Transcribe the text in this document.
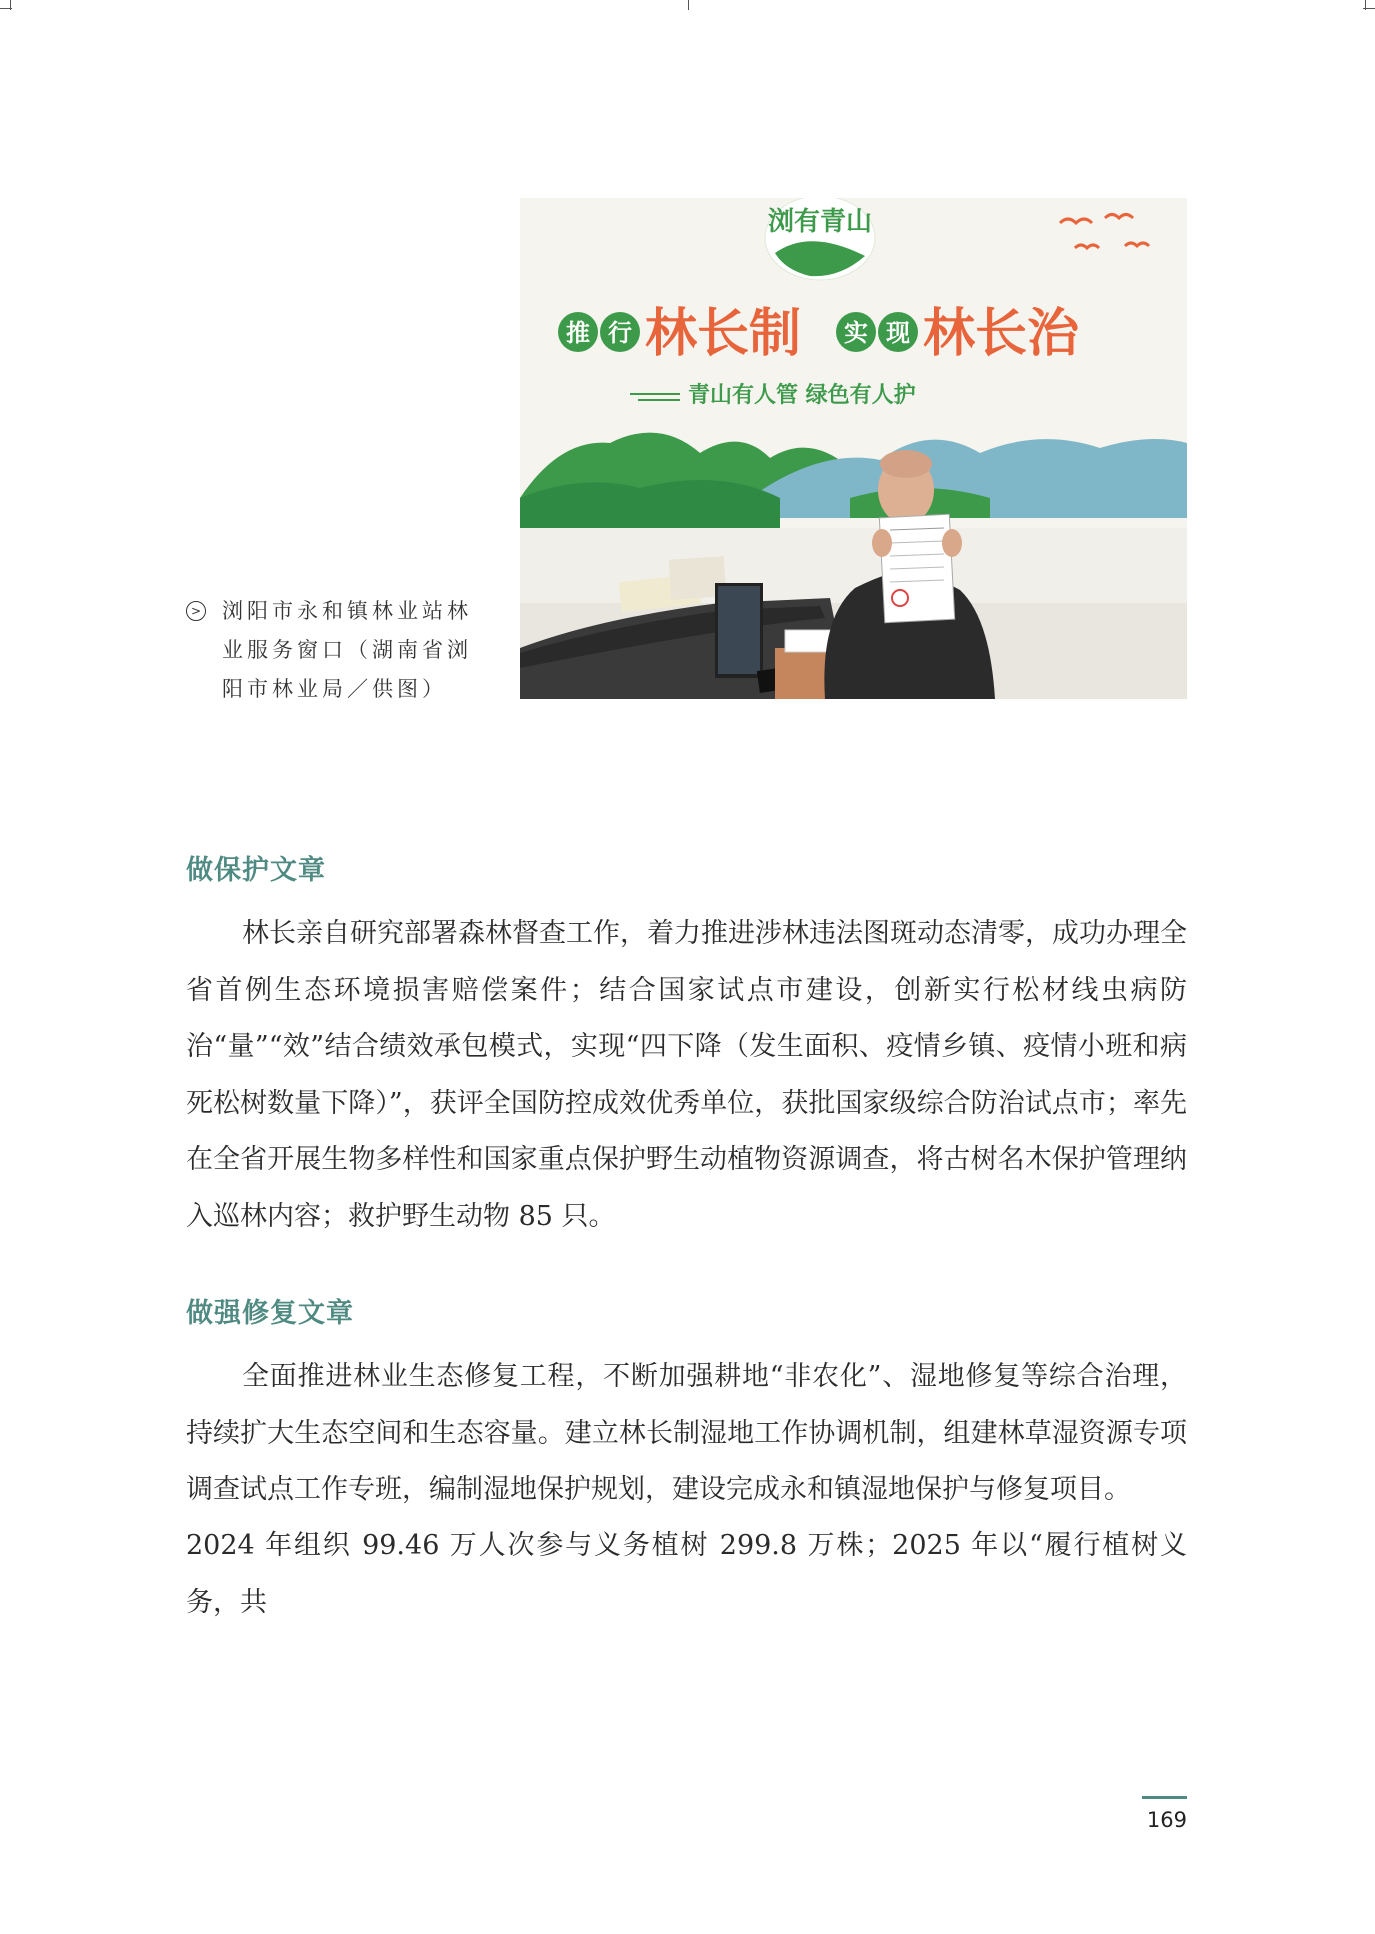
浏有青山
推 行 林长制 实 现 林长治
青山有人管 绿色有人护
> 浏阳市永和镇林业站林业服务窗口（湖南省浏阳市林业局／供图）
做保护文章

林长亲自研究部署森林督查工作，着力推进涉林违法图斑动态清零，成功办理全省首例生态环境损害赔偿案件；结合国家试点市建设，创新实行松材线虫病防治“量”“效”结合绩效承包模式，实现“四下降（发生面积、疫情乡镇、疫情小班和病死松树数量下降）”，获评全国防控成效优秀单位，获批国家级综合防治试点市；率先在全省开展生物多样性和国家重点保护野生动植物资源调查，将古树名木保护管理纳入巡林内容；救护野生动物 85 只。

做强修复文章

全面推进林业生态修复工程，不断加强耕地“非农化”、湿地修复等综合治理，持续扩大生态空间和生态容量。建立林长制湿地工作协调机制，组建林草湿资源专项调查试点工作专班，编制湿地保护规划，建设完成永和镇湿地保护与修复项目。

2024 年组织 99.46 万人次参与义务植树 299.8 万株；2025 年以“履行植树义务，共

169
